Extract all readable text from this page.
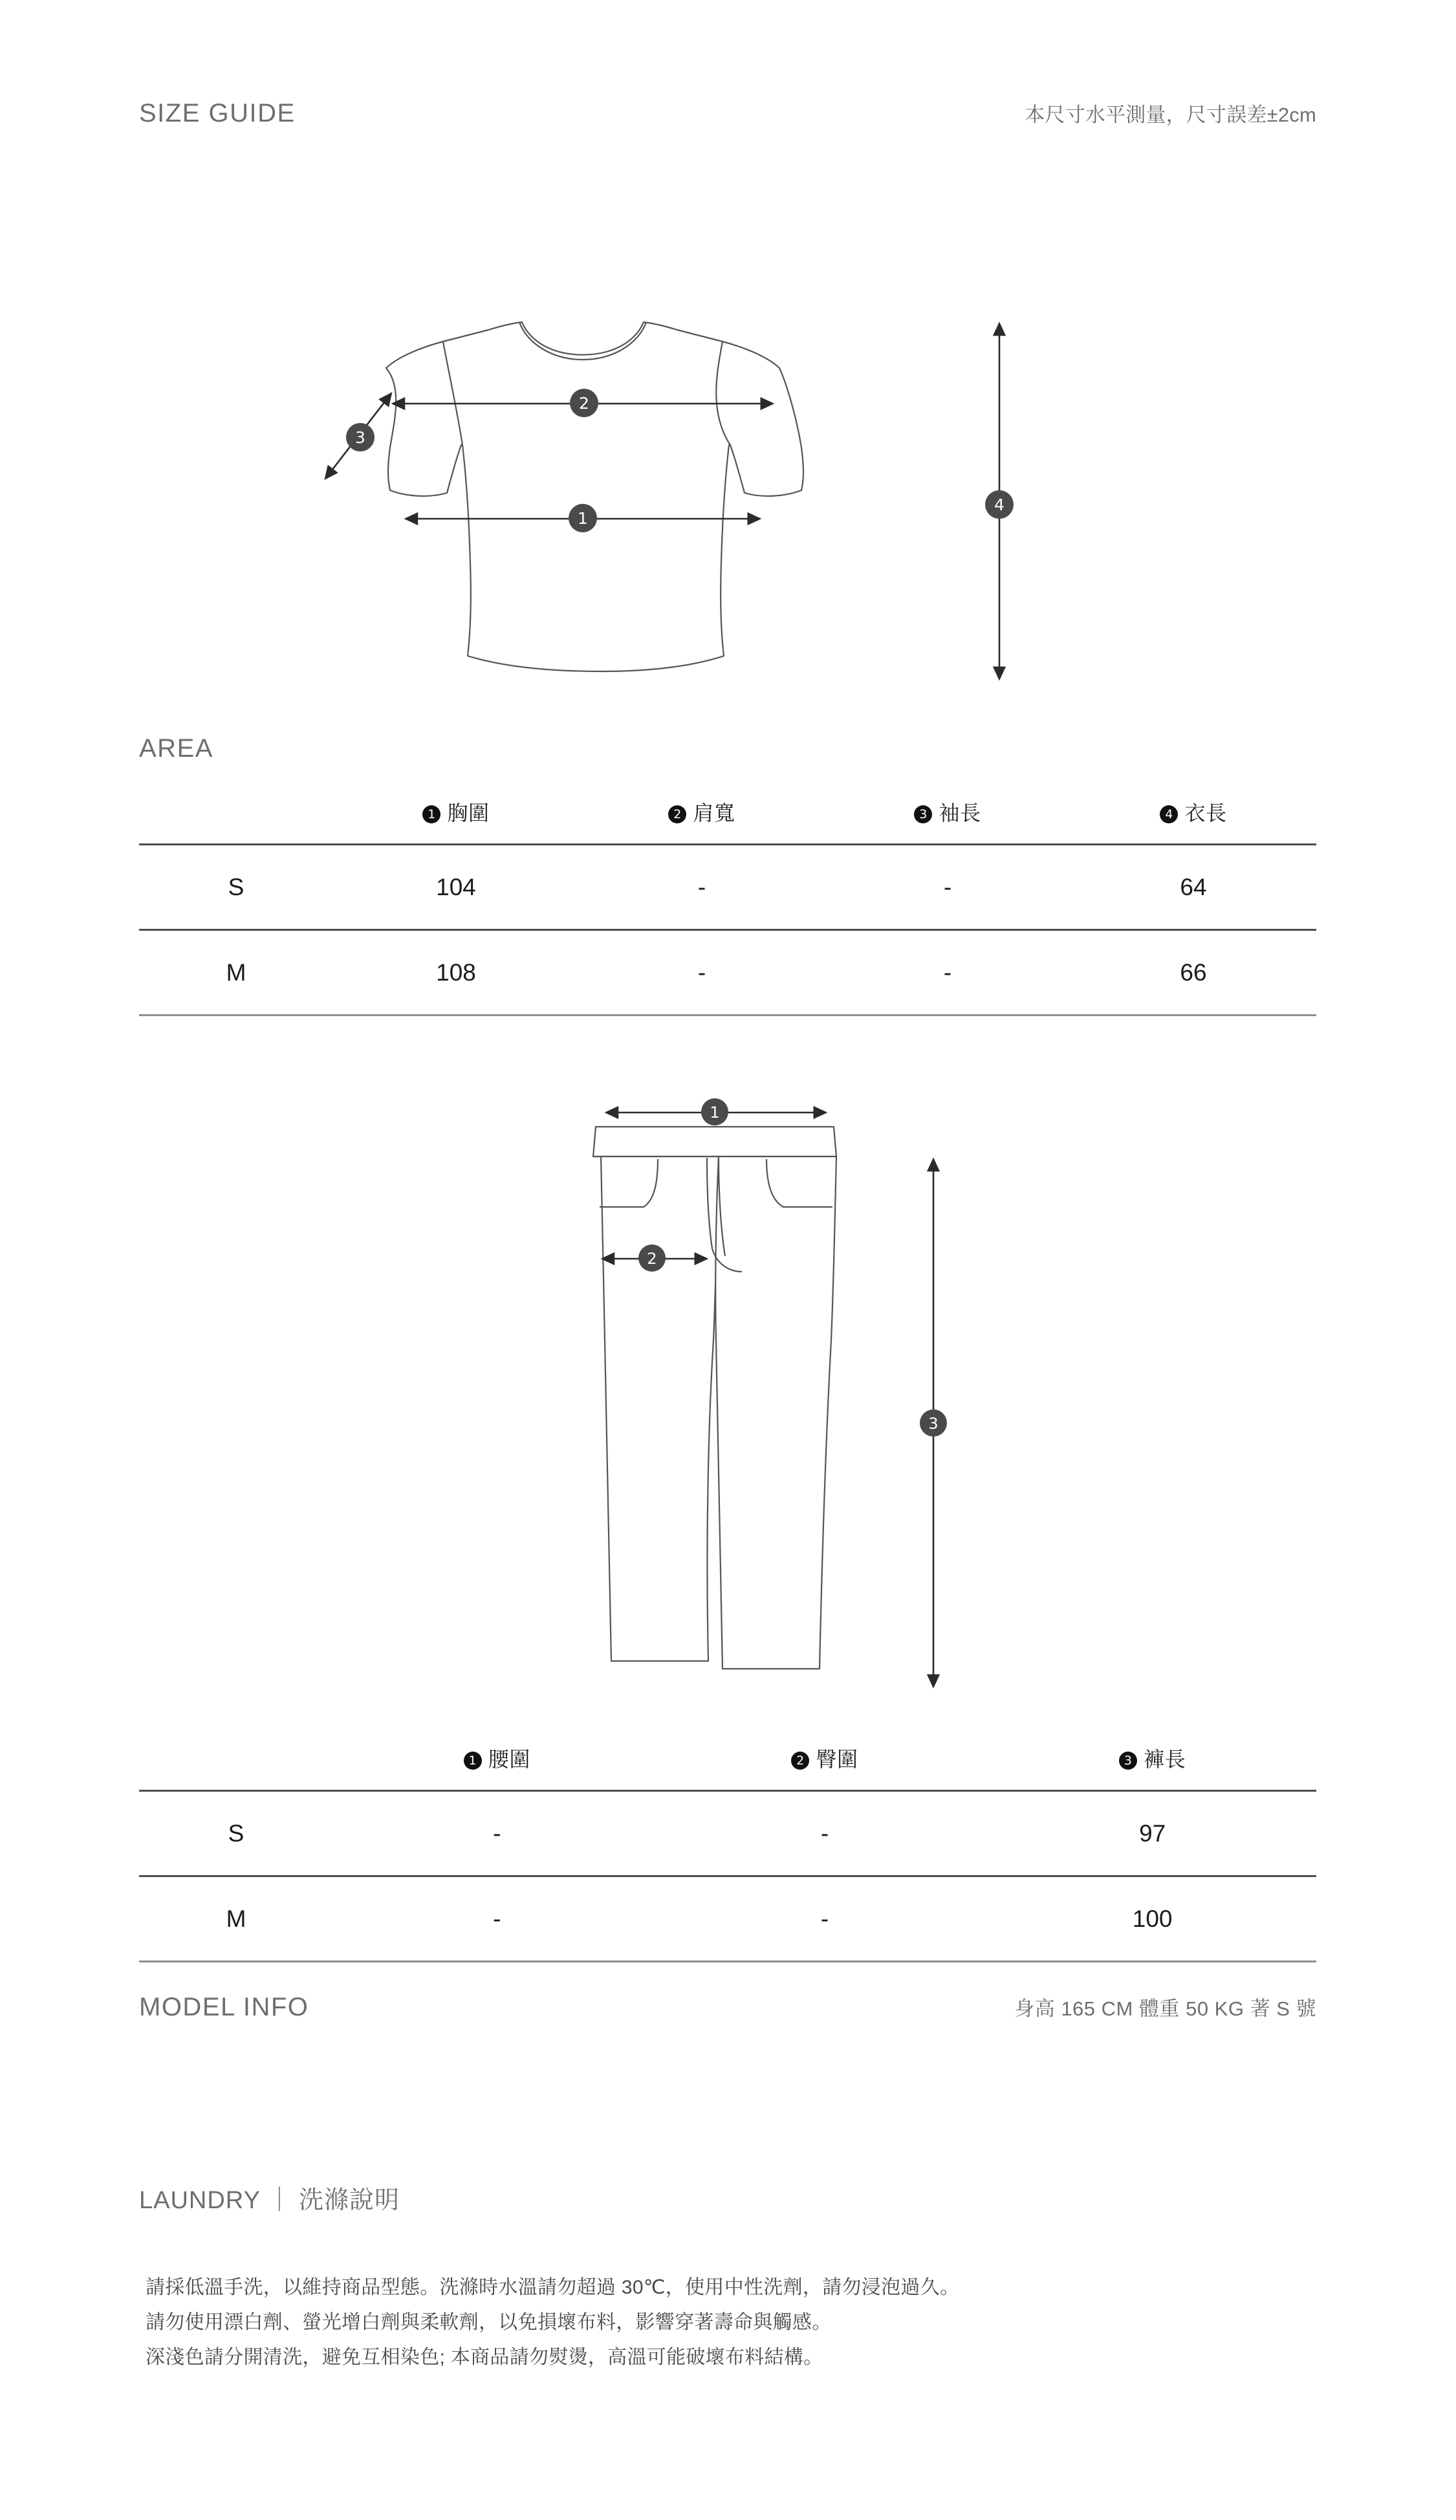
SIZE GUIDE	本尺寸水平測量，尺寸誤差±2cm
2
1
3
4
AREA
	1 胸圍	2 肩寬	3 袖長	4 衣長
S	104	-	-	64
M	108	-	-	66
1
2
3
	1 腰圍	2 臀圍	3 褲長
S	-	-	97
M	-	-	100
MODEL INFO	身高 165 CM 體重 50 KG 著 S 號
LAUNDRY ｜ 洗滌說明
請採低溫手洗，以維持商品型態。洗滌時水溫請勿超過 30℃，使用中性洗劑，請勿浸泡過久。
請勿使用漂白劑、螢光增白劑與柔軟劑，以免損壞布料，影響穿著壽命與觸感。
深淺色請分開清洗，避免互相染色; 本商品請勿熨燙，高溫可能破壞布料結構。
